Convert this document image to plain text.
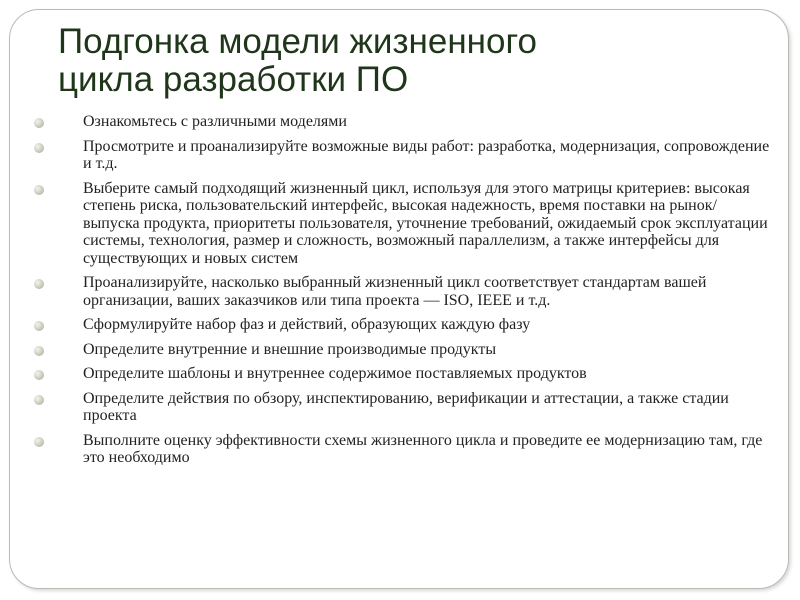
Подгонка модели жизненного
цикла разработки ПО
Ознакомьтесь с различными моделями
Просмотрите и проанализируйте возможные виды работ: разработка, модернизация, сопровождение и т.д.
Выберите самый подходящий жизненный цикл, используя для этого матрицы критериев: высокая степень риска, пользовательский интерфейс, высокая надежность, время поставки на рынок/выпуска продукта, приоритеты пользователя, уточнение требований, ожидаемый срок эксплуатации системы, технология, размер и сложность, возможный параллелизм, а также интерфейсы для существующих и новых систем
Проанализируйте, насколько выбранный жизненный цикл соответствует стандартам вашей организации, ваших заказчиков или типа проекта — ISO, IEEE и т.д.
Сформулируйте набор фаз и действий, образующих каждую фазу
Определите внутренние и внешние производимые продукты
Определите шаблоны и внутреннее содержимое поставляемых продуктов
Определите действия по обзору, инспектированию, верификации и аттестации, а также стадии проекта
Выполните оценку эффективности схемы жизненного цикла и проведите ее модернизацию там, где это необходимо
